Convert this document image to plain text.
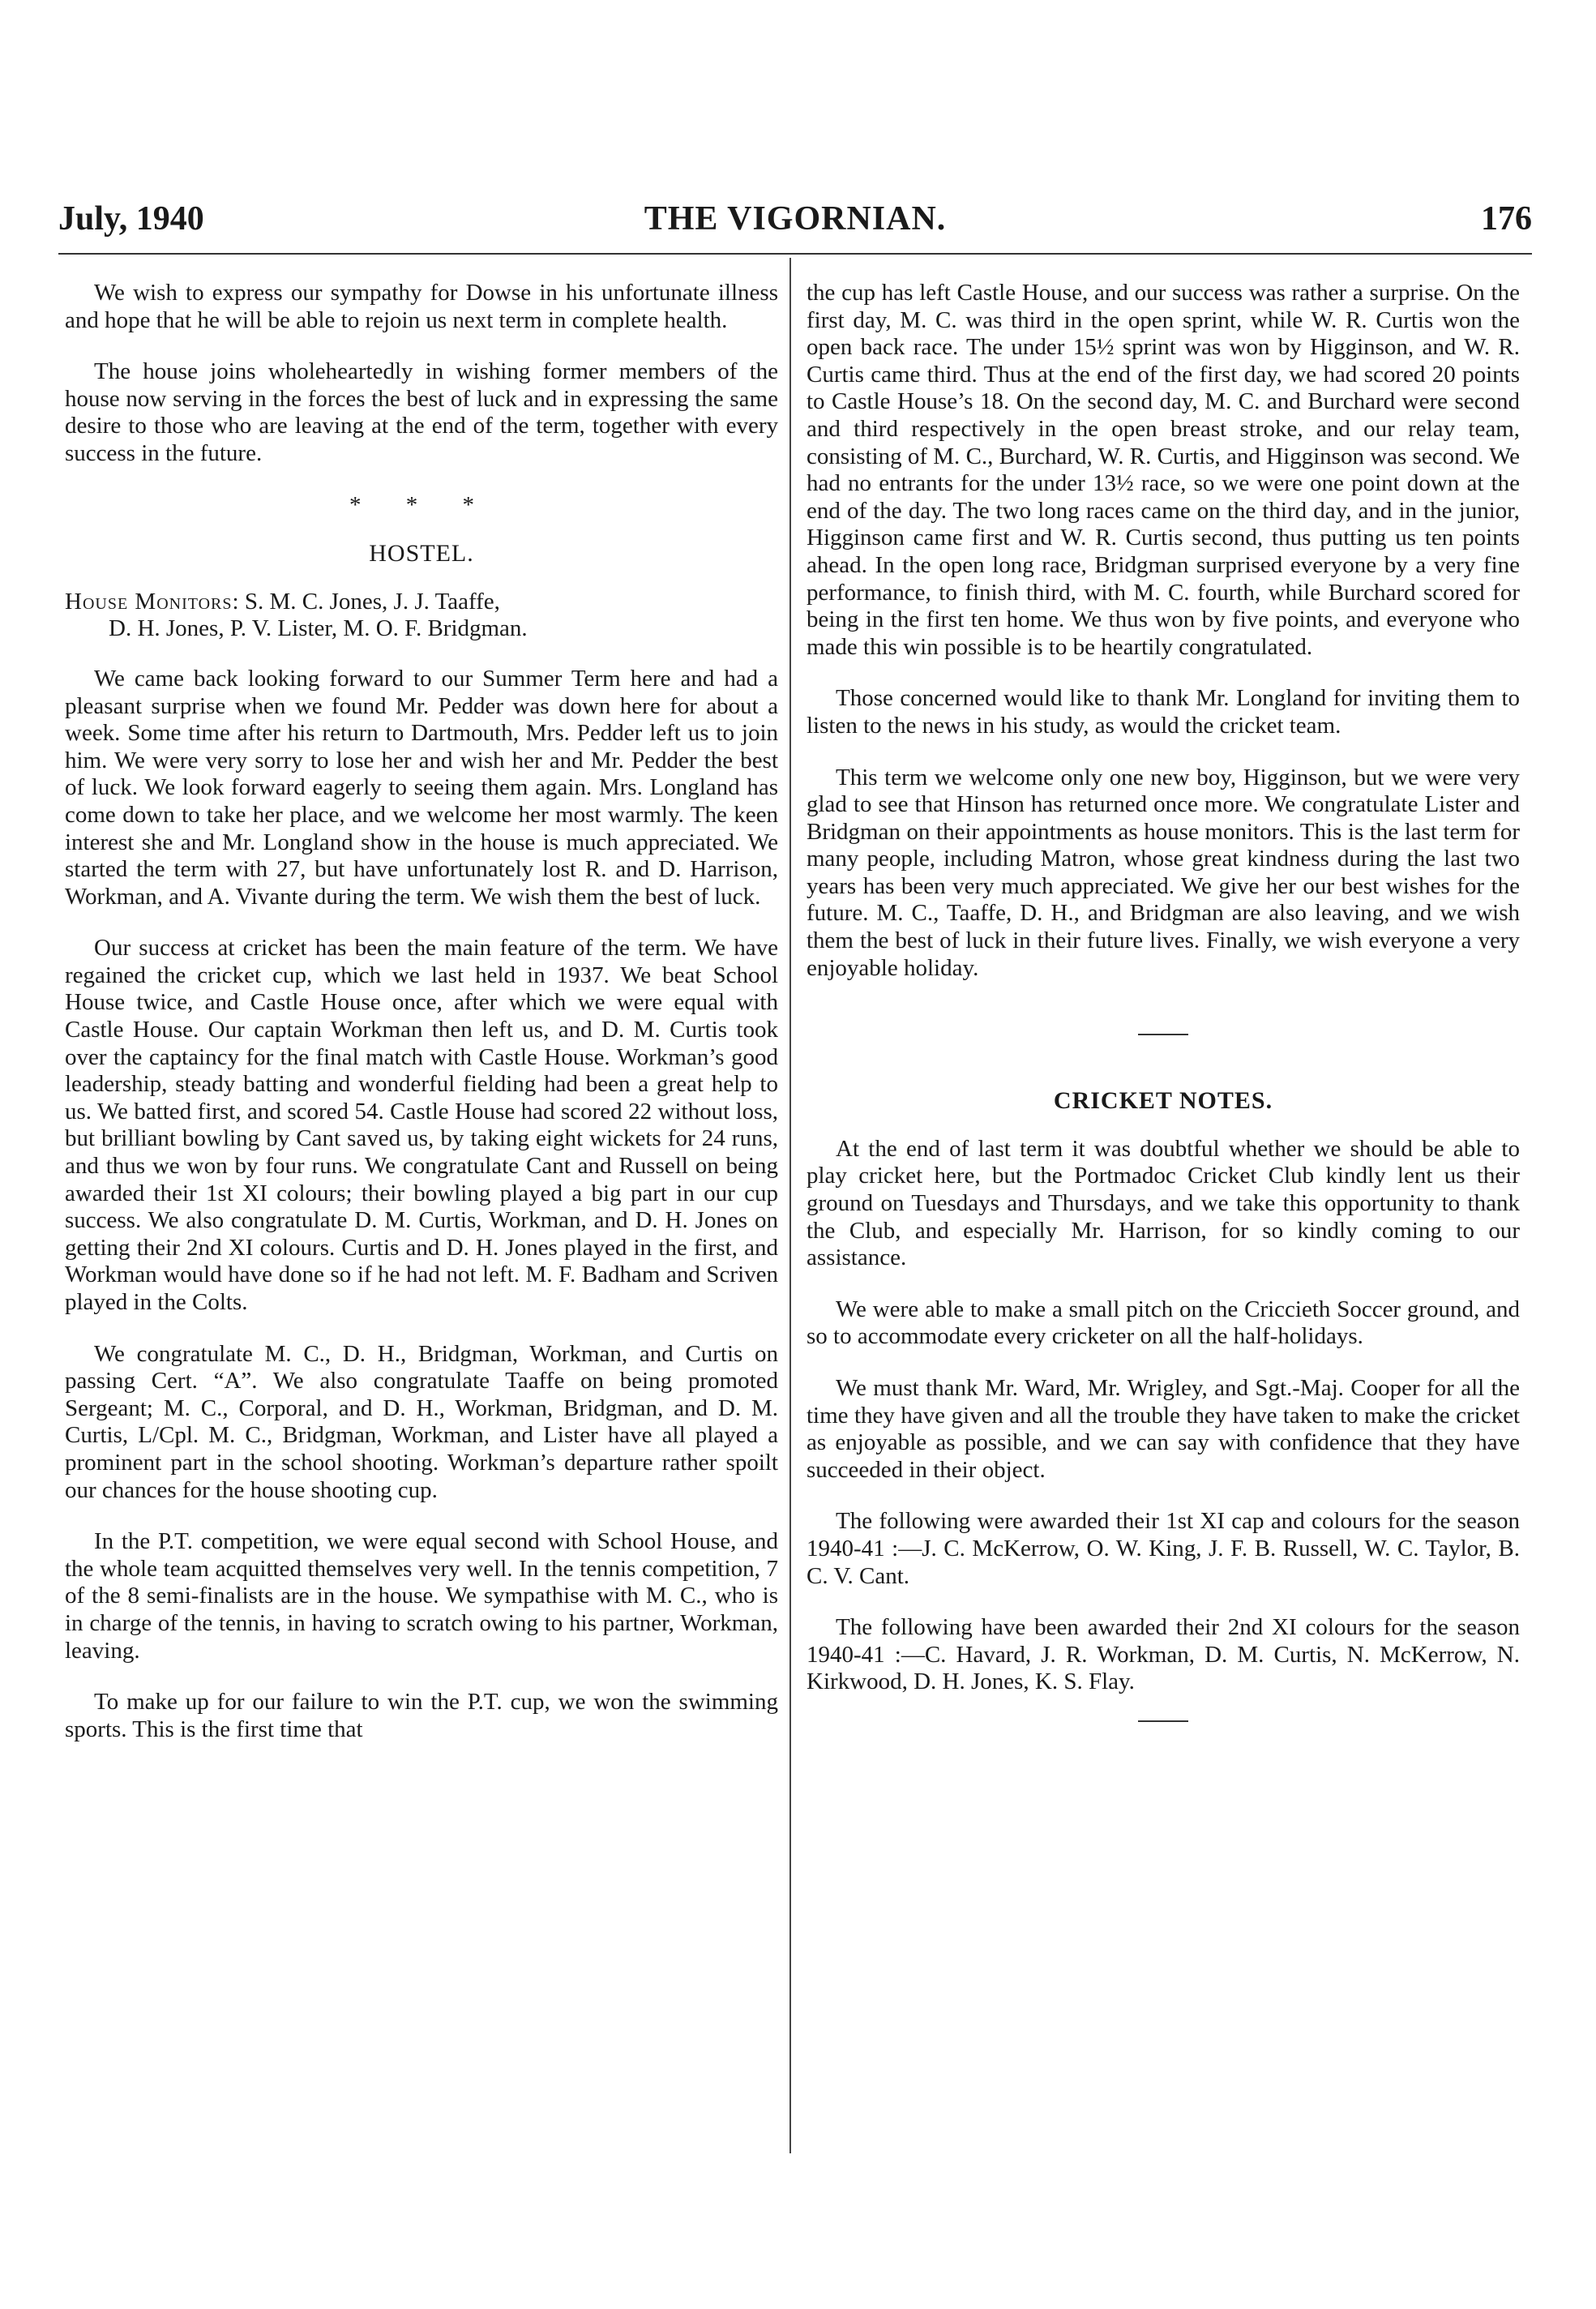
July, 1940	THE VIGORNIAN.	176

We wish to express our sympathy for Dowse in his unfortunate illness and hope that he will be able to rejoin us next term in complete health.

The house joins wholeheartedly in wishing former members of the house now serving in the forces the best of luck and in expressing the same desire to those who are leaving at the end of the term, together with every success in the future.

* * *
HOSTEL.
House Monitors: S. M. C. Jones, J. J. Taaffe,
D. H. Jones, P. V. Lister, M. O. F. Bridgman.

We came back looking forward to our Summer Term here and had a pleasant surprise when we found Mr. Pedder was down here for about a week. Some time after his return to Dartmouth, Mrs. Pedder left us to join him. We were very sorry to lose her and wish her and Mr. Pedder the best of luck. We look forward eagerly to seeing them again. Mrs. Longland has come down to take her place, and we welcome her most warmly. The keen interest she and Mr. Longland show in the house is much appreciated. We started the term with 27, but have unfortunately lost R. and D. Harrison, Workman, and A. Vivante during the term. We wish them the best of luck.

Our success at cricket has been the main feature of the term. We have regained the cricket cup, which we last held in 1937. We beat School House twice, and Castle House once, after which we were equal with Castle House. Our captain Workman then left us, and D. M. Curtis took over the captaincy for the final match with Castle House. Workman’s good leadership, steady batting and wonderful fielding had been a great help to us. We batted first, and scored 54. Castle House had scored 22 without loss, but brilliant bowling by Cant saved us, by taking eight wickets for 24 runs, and thus we won by four runs. We congratulate Cant and Russell on being awarded their 1st XI colours; their bowling played a big part in our cup success. We also congratulate D. M. Curtis, Workman, and D. H. Jones on getting their 2nd XI colours. Curtis and D. H. Jones played in the first, and Workman would have done so if he had not left. M. F. Badham and Scriven played in the Colts.

We congratulate M. C., D. H., Bridgman, Workman, and Curtis on passing Cert. “A”. We also congratulate Taaffe on being promoted Sergeant; M. C., Corporal, and D. H., Workman, Bridgman, and D. M. Curtis, L/Cpl. M. C., Bridgman, Workman, and Lister have all played a prominent part in the school shooting. Workman’s departure rather spoilt our chances for the house shooting cup.

In the P.T. competition, we were equal second with School House, and the whole team acquitted themselves very well. In the tennis competition, 7 of the 8 semi-finalists are in the house. We sympathise with M. C., who is in charge of the tennis, in having to scratch owing to his partner, Workman, leaving.

To make up for our failure to win the P.T. cup, we won the swimming sports. This is the first time that

the cup has left Castle House, and our success was rather a surprise. On the first day, M. C. was third in the open sprint, while W. R. Curtis won the open back race. The under 15½ sprint was won by Higginson, and W. R. Curtis came third. Thus at the end of the first day, we had scored 20 points to Castle House’s 18. On the second day, M. C. and Burchard were second and third respectively in the open breast stroke, and our relay team, consisting of M. C., Burchard, W. R. Curtis, and Higginson was second. We had no entrants for the under 13½ race, so we were one point down at the end of the day. The two long races came on the third day, and in the junior, Higginson came first and W. R. Curtis second, thus putting us ten points ahead. In the open long race, Bridgman surprised everyone by a very fine performance, to finish third, with M. C. fourth, while Burchard scored for being in the first ten home. We thus won by five points, and everyone who made this win possible is to be heartily congratulated.

Those concerned would like to thank Mr. Longland for inviting them to listen to the news in his study, as would the cricket team.

This term we welcome only one new boy, Higginson, but we were very glad to see that Hinson has returned once more. We congratulate Lister and Bridgman on their appointments as house monitors. This is the last term for many people, including Matron, whose great kindness during the last two years has been very much appreciated. We give her our best wishes for the future. M. C., Taaffe, D. H., and Bridgman are also leaving, and we wish them the best of luck in their future lives. Finally, we wish everyone a very enjoyable holiday.

CRICKET NOTES.

At the end of last term it was doubtful whether we should be able to play cricket here, but the Portmadoc Cricket Club kindly lent us their ground on Tuesdays and Thursdays, and we take this opportunity to thank the Club, and especially Mr. Harrison, for so kindly coming to our assistance.

We were able to make a small pitch on the Criccieth Soccer ground, and so to accommodate every cricketer on all the half-holidays.

We must thank Mr. Ward, Mr. Wrigley, and Sgt.-Maj. Cooper for all the time they have given and all the trouble they have taken to make the cricket as enjoyable as possible, and we can say with confidence that they have succeeded in their object.

The following were awarded their 1st XI cap and colours for the season 1940-41 :—J. C. McKerrow, O. W. King, J. F. B. Russell, W. C. Taylor, B. C. V. Cant.

The following have been awarded their 2nd XI colours for the season 1940-41 :—C. Havard, J. R. Workman, D. M. Curtis, N. McKerrow, N. Kirkwood, D. H. Jones, K. S. Flay.
